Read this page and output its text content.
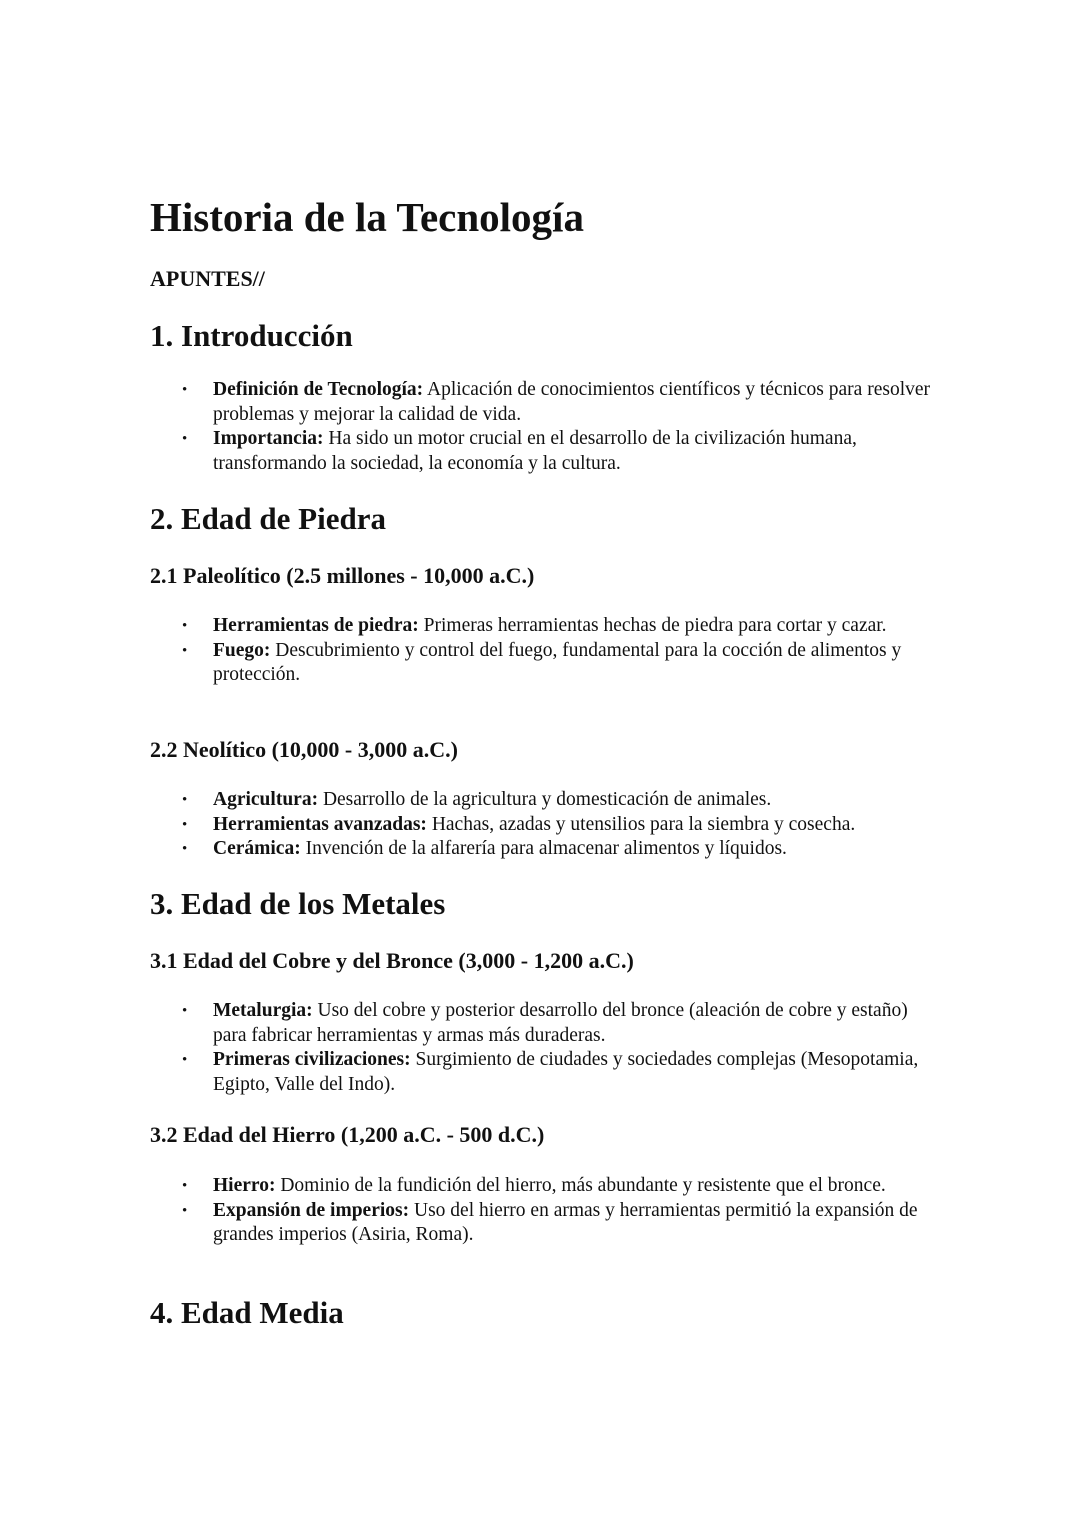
Historia de la Tecnología

APUNTES//

1. Introducción
• Definición de Tecnología: Aplicación de conocimientos científicos y técnicos para resolver problemas y mejorar la calidad de vida.
• Importancia: Ha sido un motor crucial en el desarrollo de la civilización humana, transformando la sociedad, la economía y la cultura.
2. Edad de Piedra
2.1 Paleolítico (2.5 millones - 10,000 a.C.)
• Herramientas de piedra: Primeras herramientas hechas de piedra para cortar y cazar.
• Fuego: Descubrimiento y control del fuego, fundamental para la cocción de alimentos y protección.
2.2 Neolítico (10,000 - 3,000 a.C.)
• Agricultura: Desarrollo de la agricultura y domesticación de animales.
• Herramientas avanzadas: Hachas, azadas y utensilios para la siembra y cosecha.
• Cerámica: Invención de la alfarería para almacenar alimentos y líquidos.
3. Edad de los Metales
3.1 Edad del Cobre y del Bronce (3,000 - 1,200 a.C.)
• Metalurgia: Uso del cobre y posterior desarrollo del bronce (aleación de cobre y estaño) para fabricar herramientas y armas más duraderas.
• Primeras civilizaciones: Surgimiento de ciudades y sociedades complejas (Mesopotamia, Egipto, Valle del Indo).
3.2 Edad del Hierro (1,200 a.C. - 500 d.C.)
• Hierro: Dominio de la fundición del hierro, más abundante y resistente que el bronce.
• Expansión de imperios: Uso del hierro en armas y herramientas permitió la expansión de grandes imperios (Asiria, Roma).
4. Edad Media
